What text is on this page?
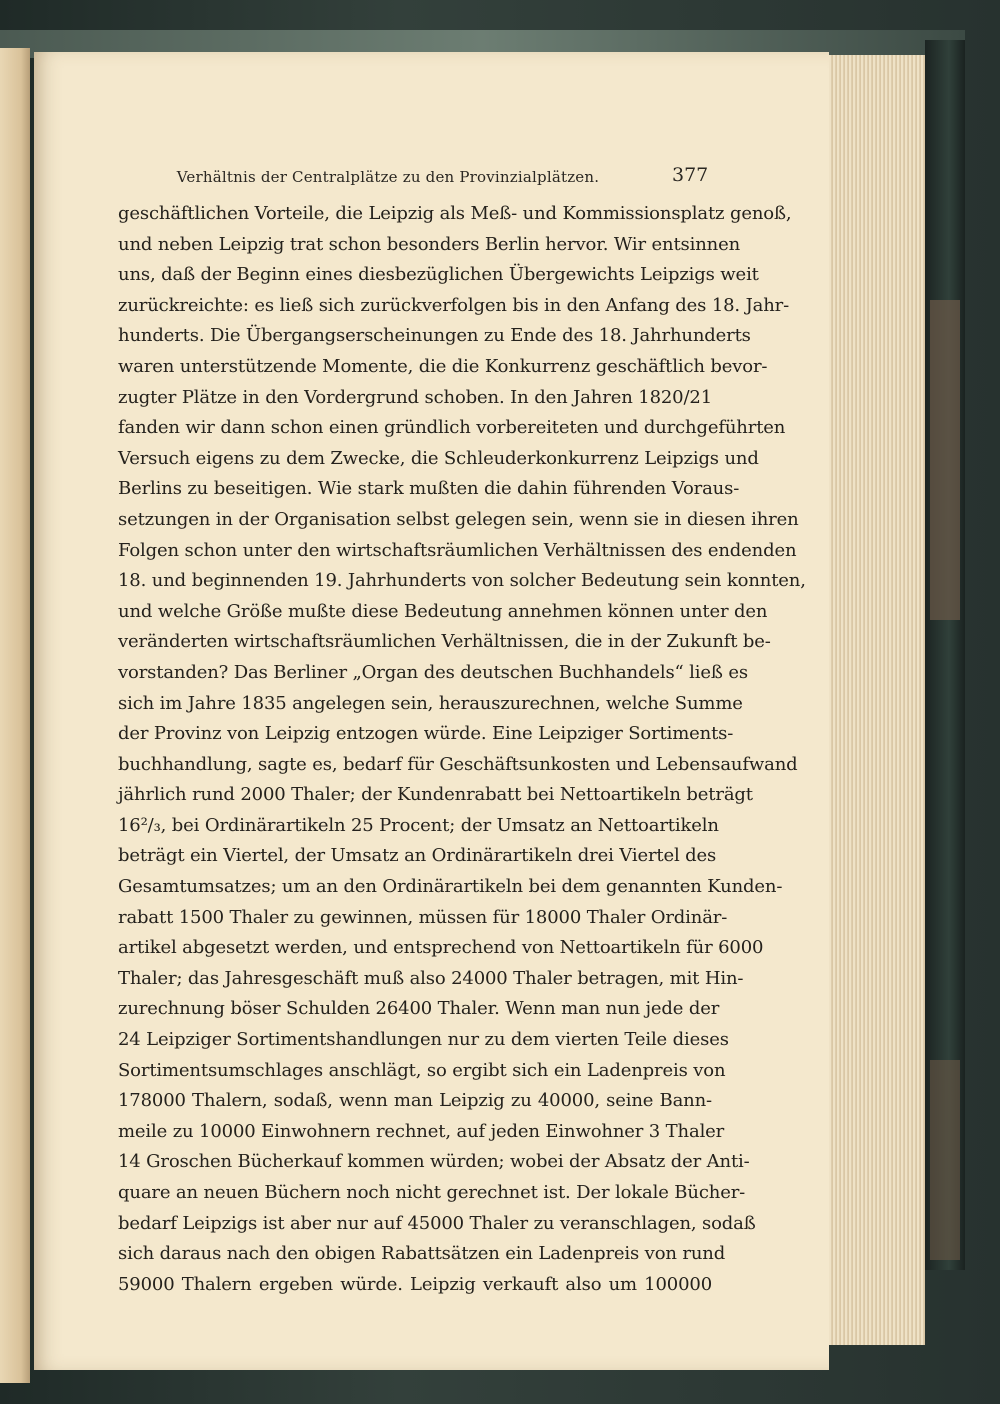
Verhältnis der Centralplätze zu den Provinzialplätzen.	377
geschäftlichen Vorteile, die Leipzig als Meß- und Kommissionsplatz genoß,
und neben Leipzig trat schon besonders Berlin hervor. Wir entsinnen
uns, daß der Beginn eines diesbezüglichen Übergewichts Leipzigs weit
zurückreichte: es ließ sich zurückverfolgen bis in den Anfang des 18. Jahr-
hunderts. Die Übergangserscheinungen zu Ende des 18. Jahrhunderts
waren unterstützende Momente, die die Konkurrenz geschäftlich bevor-
zugter Plätze in den Vordergrund schoben. In den Jahren 1820/21
fanden wir dann schon einen gründlich vorbereiteten und durchgeführten
Versuch eigens zu dem Zwecke, die Schleuderkonkurrenz Leipzigs und
Berlins zu beseitigen. Wie stark mußten die dahin führenden Voraus-
setzungen in der Organisation selbst gelegen sein, wenn sie in diesen ihren
Folgen schon unter den wirtschaftsräumlichen Verhältnissen des endenden
18. und beginnenden 19. Jahrhunderts von solcher Bedeutung sein konnten,
und welche Größe mußte diese Bedeutung annehmen können unter den
veränderten wirtschaftsräumlichen Verhältnissen, die in der Zukunft be-
vorstanden? Das Berliner „Organ des deutschen Buchhandels“ ließ es
sich im Jahre 1835 angelegen sein, herauszurechnen, welche Summe
der Provinz von Leipzig entzogen würde. Eine Leipziger Sortiments-
buchhandlung, sagte es, bedarf für Geschäftsunkosten und Lebensaufwand
jährlich rund 2000 Thaler; der Kundenrabatt bei Nettoartikeln beträgt
16²/₃, bei Ordinärartikeln 25 Procent; der Umsatz an Nettoartikeln
beträgt ein Viertel, der Umsatz an Ordinärartikeln drei Viertel des
Gesamtumsatzes; um an den Ordinärartikeln bei dem genannten Kunden-
rabatt 1500 Thaler zu gewinnen, müssen für 18000 Thaler Ordinär-
artikel abgesetzt werden, und entsprechend von Nettoartikeln für 6000
Thaler; das Jahresgeschäft muß also 24000 Thaler betragen, mit Hin-
zurechnung böser Schulden 26400 Thaler. Wenn man nun jede der
24 Leipziger Sortimentshandlungen nur zu dem vierten Teile dieses
Sortimentsumschlages anschlägt, so ergibt sich ein Ladenpreis von
178000 Thalern, sodaß, wenn man Leipzig zu 40000, seine Bann-
meile zu 10000 Einwohnern rechnet, auf jeden Einwohner 3 Thaler
14 Groschen Bücherkauf kommen würden; wobei der Absatz der Anti-
quare an neuen Büchern noch nicht gerechnet ist. Der lokale Bücher-
bedarf Leipzigs ist aber nur auf 45000 Thaler zu veranschlagen, sodaß
sich daraus nach den obigen Rabattsätzen ein Ladenpreis von rund
59000 Thalern ergeben würde. Leipzig verkauft also um 100000
